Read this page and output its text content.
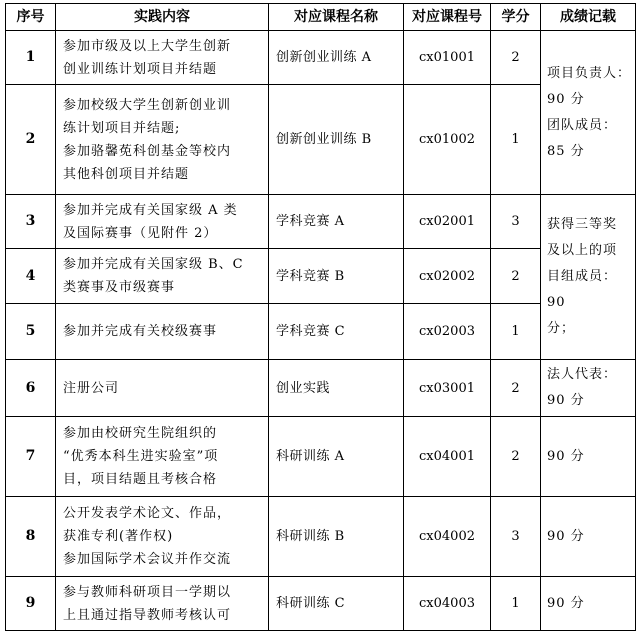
序号	实践内容	对应课程名称	对应课程号	学分	成绩记载
1	参加市级及以上大学生创新
创业训练计划项目并结题	创新创业训练 A	cx01001	2	项目负责人：
90 分
团队成员：
85 分

2	参加校级大学生创新创业训
练计划项目并结题;
参加骆馨莬科创基金等校内
其他科创项目并结题	创新创业训练 B	cx01002	1	
3	参加并完成有关国家级 A 类
及国际赛事（见附件 2）	学科竞赛 A	cx02001	3	获得三等奖
及以上的项
目组成员：90
分；

4	参加并完成有关国家级 B、C
类赛事及市级赛事	学科竞赛 B	cx02002	2	
5	参加并完成有关校级赛事	学科竞赛 C	cx02003	1	
6	注册公司	创业实践	cx03001	2	法人代表：
90 分

7	参加由校研究生院组织的
“优秀本科生进实验室”项
目，项目结题且考核合格	科研训练 A	cx04001	2	90 分
8	公开发表学术论文、作品，
获准专利(著作权)
参加国际学术会议并作交流	科研训练 B	cx04002	3	90 分
9	参与教师科研项目一学期以
上且通过指导教师考核认可	科研训练 C	cx04003	1	90 分
